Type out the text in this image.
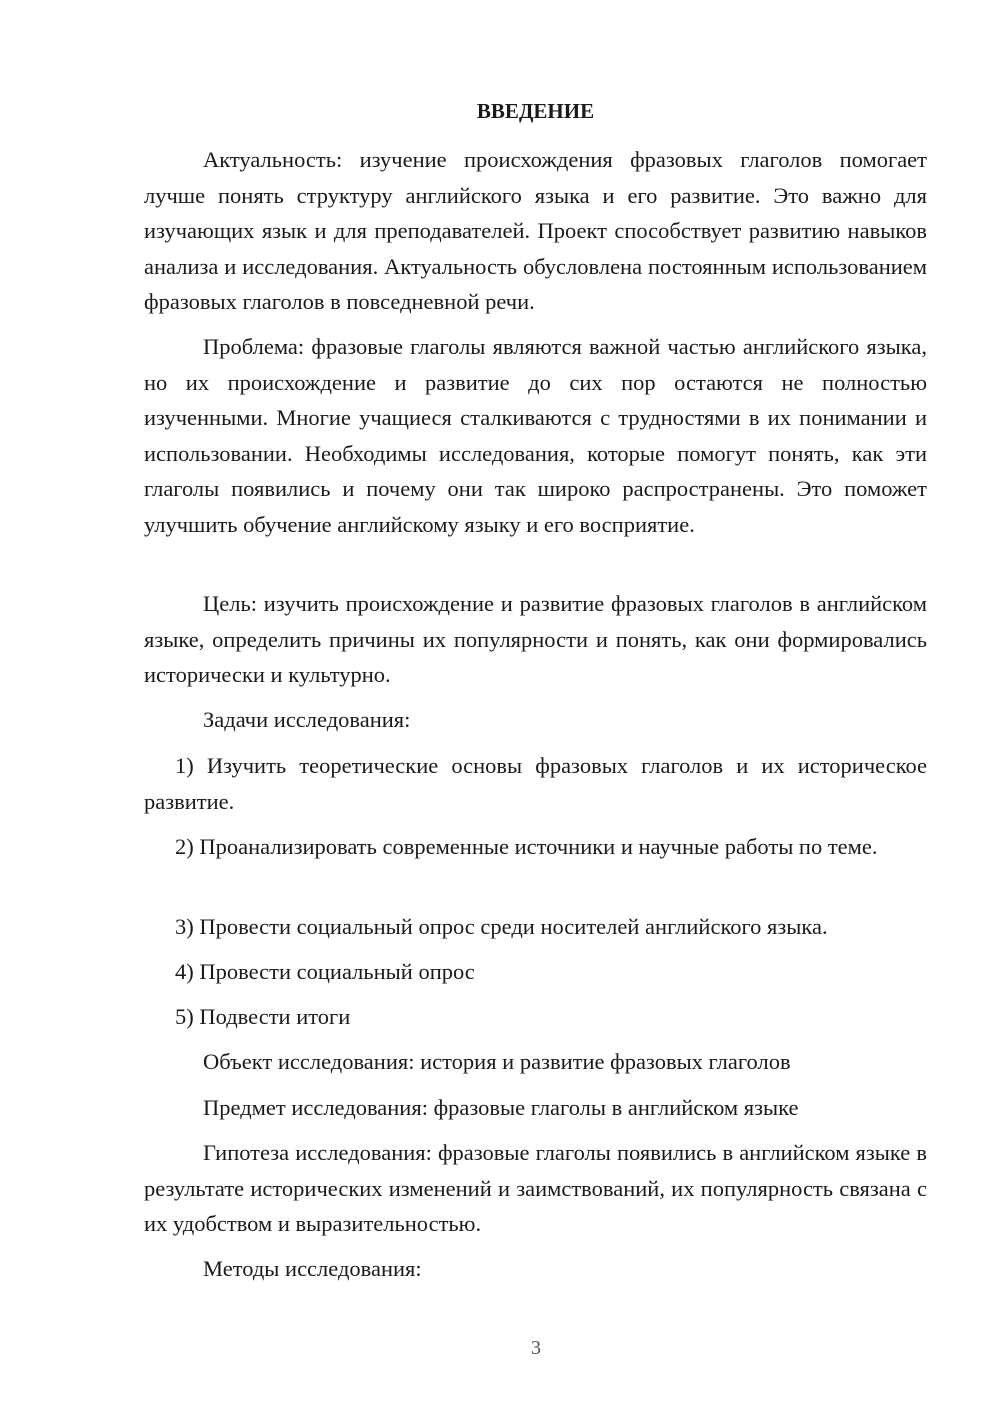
ВВЕДЕНИЕ

Актуальность: изучение происхождения фразовых глаголов помогает лучше понять структуру английского языка и его развитие. Это важно для изучающих язык и для преподавателей. Проект способствует развитию навыков анализа и исследования. Актуальность обусловлена постоянным использованием фразовых глаголов в повседневной речи.

Проблема: фразовые глаголы являются важной частью английского языка, но их происхождение и развитие до сих пор остаются не полностью изученными. Многие учащиеся сталкиваются с трудностями в их понимании и использовании. Необходимы исследования, которые помогут понять, как эти глаголы появились и почему они так широко распространены. Это поможет улучшить обучение английскому языку и его восприятие.

Цель: изучить происхождение и развитие фразовых глаголов в английском языке, определить причины их популярности и понять, как они формировались исторически и культурно.

Задачи исследования:

1) Изучить теоретические основы фразовых глаголов и их историческое развитие.

2) Проанализировать современные источники и научные работы по теме.

3) Провести социальный опрос среди носителей английского языка.

4) Провести социальный опрос

5) Подвести итоги

Объект исследования: история и развитие фразовых глаголов

Предмет исследования: фразовые глаголы в английском языке

Гипотеза исследования: фразовые глаголы появились в английском языке в результате исторических изменений и заимствований, их популярность связана с их удобством и выразительностью.

Методы исследования:

3
